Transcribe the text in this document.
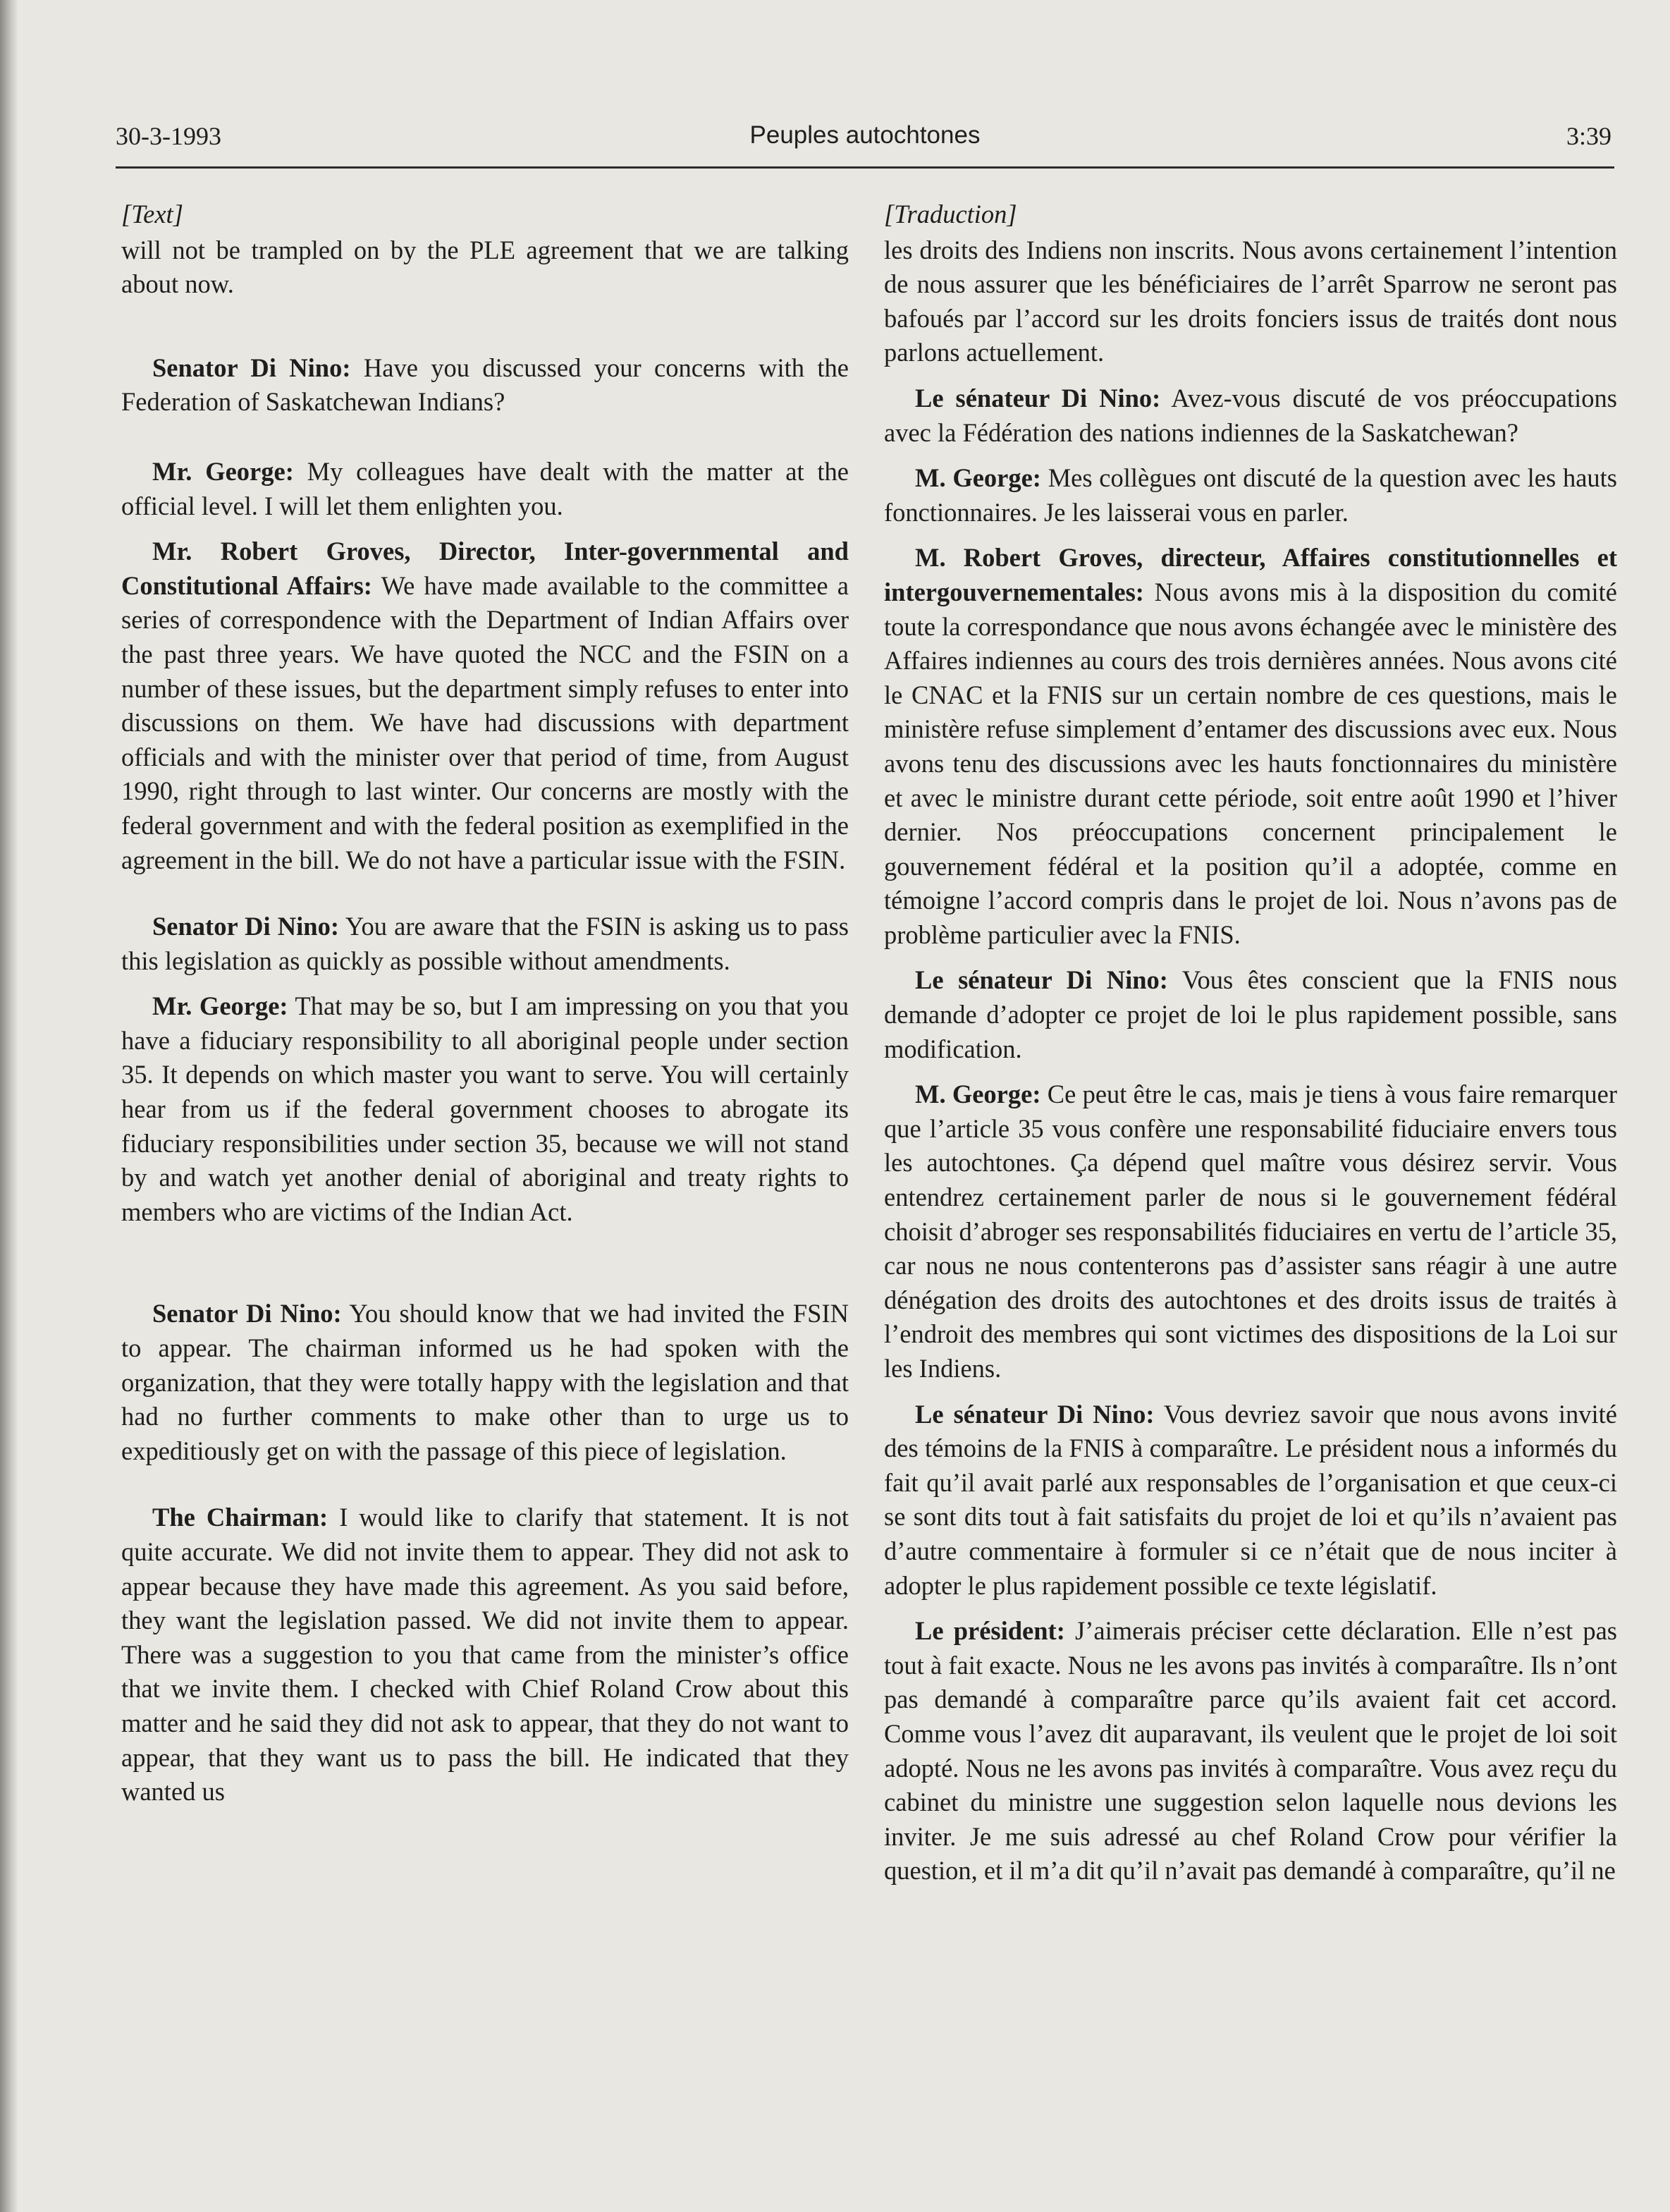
30-3-1993	Peuples autochtones	3:39

[Text]

will not be trampled on by the PLE agreement that we are talking about now.

Senator Di Nino: Have you discussed your concerns with the Federation of Saskatchewan Indians?

Mr. George: My colleagues have dealt with the matter at the official level. I will let them enlighten you.

Mr. Robert Groves, Director, Inter-governmental and Constitutional Affairs: We have made available to the committee a series of correspondence with the Department of Indian Affairs over the past three years. We have quoted the NCC and the FSIN on a number of these issues, but the department simply refuses to enter into discussions on them. We have had discussions with department officials and with the minister over that period of time, from August 1990, right through to last winter. Our concerns are mostly with the federal government and with the federal position as exemplified in the agreement in the bill. We do not have a particular issue with the FSIN.

Senator Di Nino: You are aware that the FSIN is asking us to pass this legislation as quickly as possible without amendments.

Mr. George: That may be so, but I am impressing on you that you have a fiduciary responsibility to all aboriginal people under section 35. It depends on which master you want to serve. You will certainly hear from us if the federal government chooses to abrogate its fiduciary responsibilities under section 35, because we will not stand by and watch yet another denial of aboriginal and treaty rights to members who are victims of the Indian Act.

Senator Di Nino: You should know that we had invited the FSIN to appear. The chairman informed us he had spoken with the organization, that they were totally happy with the legislation and that had no further comments to make other than to urge us to expeditiously get on with the passage of this piece of legislation.

The Chairman: I would like to clarify that statement. It is not quite accurate. We did not invite them to appear. They did not ask to appear because they have made this agreement. As you said before, they want the legislation passed. We did not invite them to appear. There was a suggestion to you that came from the minister’s office that we invite them. I checked with Chief Roland Crow about this matter and he said they did not ask to appear, that they do not want to appear, that they want us to pass the bill. He indicated that they wanted us

[Traduction]

les droits des Indiens non inscrits. Nous avons certainement l’intention de nous assurer que les bénéficiaires de l’arrêt Sparrow ne seront pas bafoués par l’accord sur les droits fonciers issus de traités dont nous parlons actuellement.

Le sénateur Di Nino: Avez-vous discuté de vos préoccupations avec la Fédération des nations indiennes de la Saskatchewan?

M. George: Mes collègues ont discuté de la question avec les hauts fonctionnaires. Je les laisserai vous en parler.

M. Robert Groves, directeur, Affaires constitutionnelles et intergouvernementales: Nous avons mis à la disposition du comité toute la correspondance que nous avons échangée avec le ministère des Affaires indiennes au cours des trois dernières années. Nous avons cité le CNAC et la FNIS sur un certain nombre de ces questions, mais le ministère refuse simplement d’entamer des discussions avec eux. Nous avons tenu des discussions avec les hauts fonctionnaires du ministère et avec le ministre durant cette période, soit entre août 1990 et l’hiver dernier. Nos préoccupations concernent principalement le gouvernement fédéral et la position qu’il a adoptée, comme en témoigne l’accord compris dans le projet de loi. Nous n’avons pas de problème particulier avec la FNIS.

Le sénateur Di Nino: Vous êtes conscient que la FNIS nous demande d’adopter ce projet de loi le plus rapidement possible, sans modification.

M. George: Ce peut être le cas, mais je tiens à vous faire remarquer que l’article 35 vous confère une responsabilité fiduciaire envers tous les autochtones. Ça dépend quel maître vous désirez servir. Vous entendrez certainement parler de nous si le gouvernement fédéral choisit d’abroger ses responsabilités fiduciaires en vertu de l’article 35, car nous ne nous contenterons pas d’assister sans réagir à une autre dénégation des droits des autochtones et des droits issus de traités à l’endroit des membres qui sont victimes des dispositions de la Loi sur les Indiens.

Le sénateur Di Nino: Vous devriez savoir que nous avons invité des témoins de la FNIS à comparaître. Le président nous a informés du fait qu’il avait parlé aux responsables de l’organisation et que ceux-ci se sont dits tout à fait satisfaits du projet de loi et qu’ils n’avaient pas d’autre commentaire à formuler si ce n’était que de nous inciter à adopter le plus rapidement possible ce texte législatif.

Le président: J’aimerais préciser cette déclaration. Elle n’est pas tout à fait exacte. Nous ne les avons pas invités à comparaître. Ils n’ont pas demandé à comparaître parce qu’ils avaient fait cet accord. Comme vous l’avez dit auparavant, ils veulent que le projet de loi soit adopté. Nous ne les avons pas invités à comparaître. Vous avez reçu du cabinet du ministre une suggestion selon laquelle nous devions les inviter. Je me suis adressé au chef Roland Crow pour vérifier la question, et il m’a dit qu’il n’avait pas demandé à comparaître, qu’il ne
